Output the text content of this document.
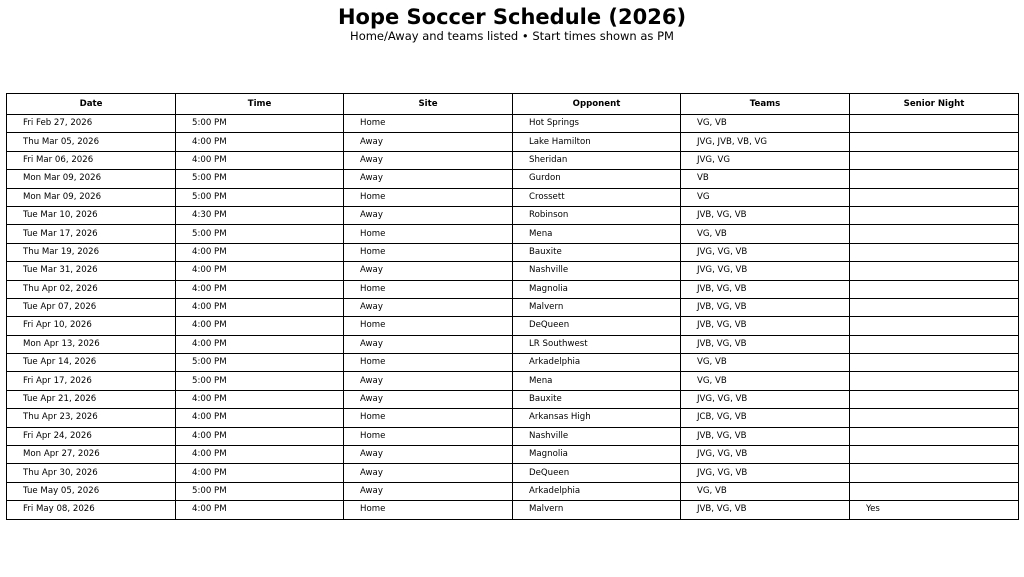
Hope Soccer Schedule (2026)
Home/Away and teams listed • Start times shown as PM
Date	Time	Site	Opponent	Teams	Senior Night
Fri Feb 27, 2026	5:00 PM	Home	Hot Springs	VG, VB	
Thu Mar 05, 2026	4:00 PM	Away	Lake Hamilton	JVG, JVB, VB, VG	
Fri Mar 06, 2026	4:00 PM	Away	Sheridan	JVG, VG	
Mon Mar 09, 2026	5:00 PM	Away	Gurdon	VB	
Mon Mar 09, 2026	5:00 PM	Home	Crossett	VG	
Tue Mar 10, 2026	4:30 PM	Away	Robinson	JVB, VG, VB	
Tue Mar 17, 2026	5:00 PM	Home	Mena	VG, VB	
Thu Mar 19, 2026	4:00 PM	Home	Bauxite	JVG, VG, VB	
Tue Mar 31, 2026	4:00 PM	Away	Nashville	JVG, VG, VB	
Thu Apr 02, 2026	4:00 PM	Home	Magnolia	JVB, VG, VB	
Tue Apr 07, 2026	4:00 PM	Away	Malvern	JVB, VG, VB	
Fri Apr 10, 2026	4:00 PM	Home	DeQueen	JVB, VG, VB	
Mon Apr 13, 2026	4:00 PM	Away	LR Southwest	JVB, VG, VB	
Tue Apr 14, 2026	5:00 PM	Home	Arkadelphia	VG, VB	
Fri Apr 17, 2026	5:00 PM	Away	Mena	VG, VB	
Tue Apr 21, 2026	4:00 PM	Away	Bauxite	JVG, VG, VB	
Thu Apr 23, 2026	4:00 PM	Home	Arkansas High	JCB, VG, VB	
Fri Apr 24, 2026	4:00 PM	Home	Nashville	JVB, VG, VB	
Mon Apr 27, 2026	4:00 PM	Away	Magnolia	JVG, VG, VB	
Thu Apr 30, 2026	4:00 PM	Away	DeQueen	JVG, VG, VB	
Tue May 05, 2026	5:00 PM	Away	Arkadelphia	VG, VB	
Fri May 08, 2026	4:00 PM	Home	Malvern	JVB, VG, VB	Yes
